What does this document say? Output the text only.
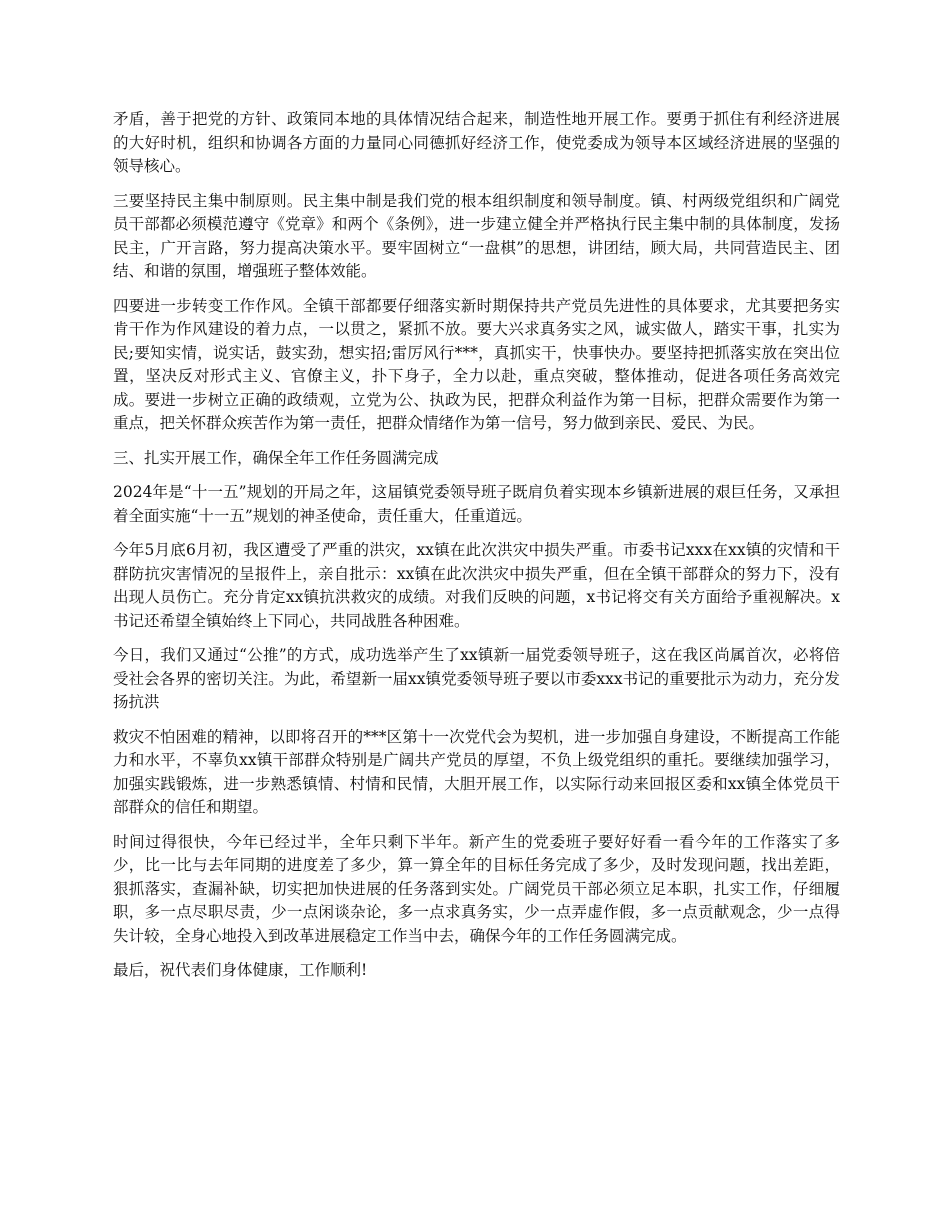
矛盾，善于把党的方针、政策同本地的具体情况结合起来，制造性地开展工作。要勇于抓住有利经济进展的大好时机，组织和协调各方面的力量同心同德抓好经济工作，使党委成为领导本区域经济进展的坚强的领导核心。

三要坚持民主集中制原则。民主集中制是我们党的根本组织制度和领导制度。镇、村两级党组织和广阔党员干部都必须模范遵守《党章》和两个《条例》，进一步建立健全并严格执行民主集中制的具体制度，发扬民主，广开言路，努力提高决策水平。要牢固树立“一盘棋”的思想，讲团结，顾大局，共同营造民主、团结、和谐的氛围，增强班子整体效能。

四要进一步转变工作作风。全镇干部都要仔细落实新时期保持共产党员先进性的具体要求，尤其要把务实肯干作为作风建设的着力点，一以贯之，紧抓不放。要大兴求真务实之风，诚实做人，踏实干事，扎实为民;要知实情，说实话，鼓实劲，想实招;雷厉风行***，真抓实干，快事快办。要坚持把抓落实放在突出位置，坚决反对形式主义、官僚主义，扑下身子，全力以赴，重点突破，整体推动，促进各项任务高效完成。要进一步树立正确的政绩观，立党为公、执政为民，把群众利益作为第一目标，把群众需要作为第一重点，把关怀群众疾苦作为第一责任，把群众情绪作为第一信号，努力做到亲民、爱民、为民。

三、扎实开展工作，确保全年工作任务圆满完成

2024年是“十一五”规划的开局之年，这届镇党委领导班子既肩负着实现本乡镇新进展的艰巨任务，又承担着全面实施“十一五”规划的神圣使命，责任重大，任重道远。

今年5月底6月初，我区遭受了严重的洪灾，xx镇在此次洪灾中损失严重。市委书记xxx在xx镇的灾情和干群防抗灾害情况的呈报件上，亲自批示：xx镇在此次洪灾中损失严重，但在全镇干部群众的努力下，没有出现人员伤亡。充分肯定xx镇抗洪救灾的成绩。对我们反映的问题，x书记将交有关方面给予重视解决。x书记还希望全镇始终上下同心，共同战胜各种困难。

今日，我们又通过“公推”的方式，成功选举产生了xx镇新一届党委领导班子，这在我区尚属首次，必将倍受社会各界的密切关注。为此，希望新一届xx镇党委领导班子要以市委xxx书记的重要批示为动力，充分发扬抗洪

救灾不怕困难的精神，以即将召开的***区第十一次党代会为契机，进一步加强自身建设，不断提高工作能力和水平，不辜负xx镇干部群众特别是广阔共产党员的厚望，不负上级党组织的重托。要继续加强学习，加强实践锻炼，进一步熟悉镇情、村情和民情，大胆开展工作，以实际行动来回报区委和xx镇全体党员干部群众的信任和期望。

时间过得很快，今年已经过半，全年只剩下半年。新产生的党委班子要好好看一看今年的工作落实了多少，比一比与去年同期的进度差了多少，算一算全年的目标任务完成了多少，及时发现问题，找出差距，狠抓落实，查漏补缺，切实把加快进展的任务落到实处。广阔党员干部必须立足本职，扎实工作，仔细履职，多一点尽职尽责，少一点闲谈杂论，多一点求真务实，少一点弄虚作假，多一点贡献观念，少一点得失计较，全身心地投入到改革进展稳定工作当中去，确保今年的工作任务圆满完成。

最后，祝代表们身体健康，工作顺利!
